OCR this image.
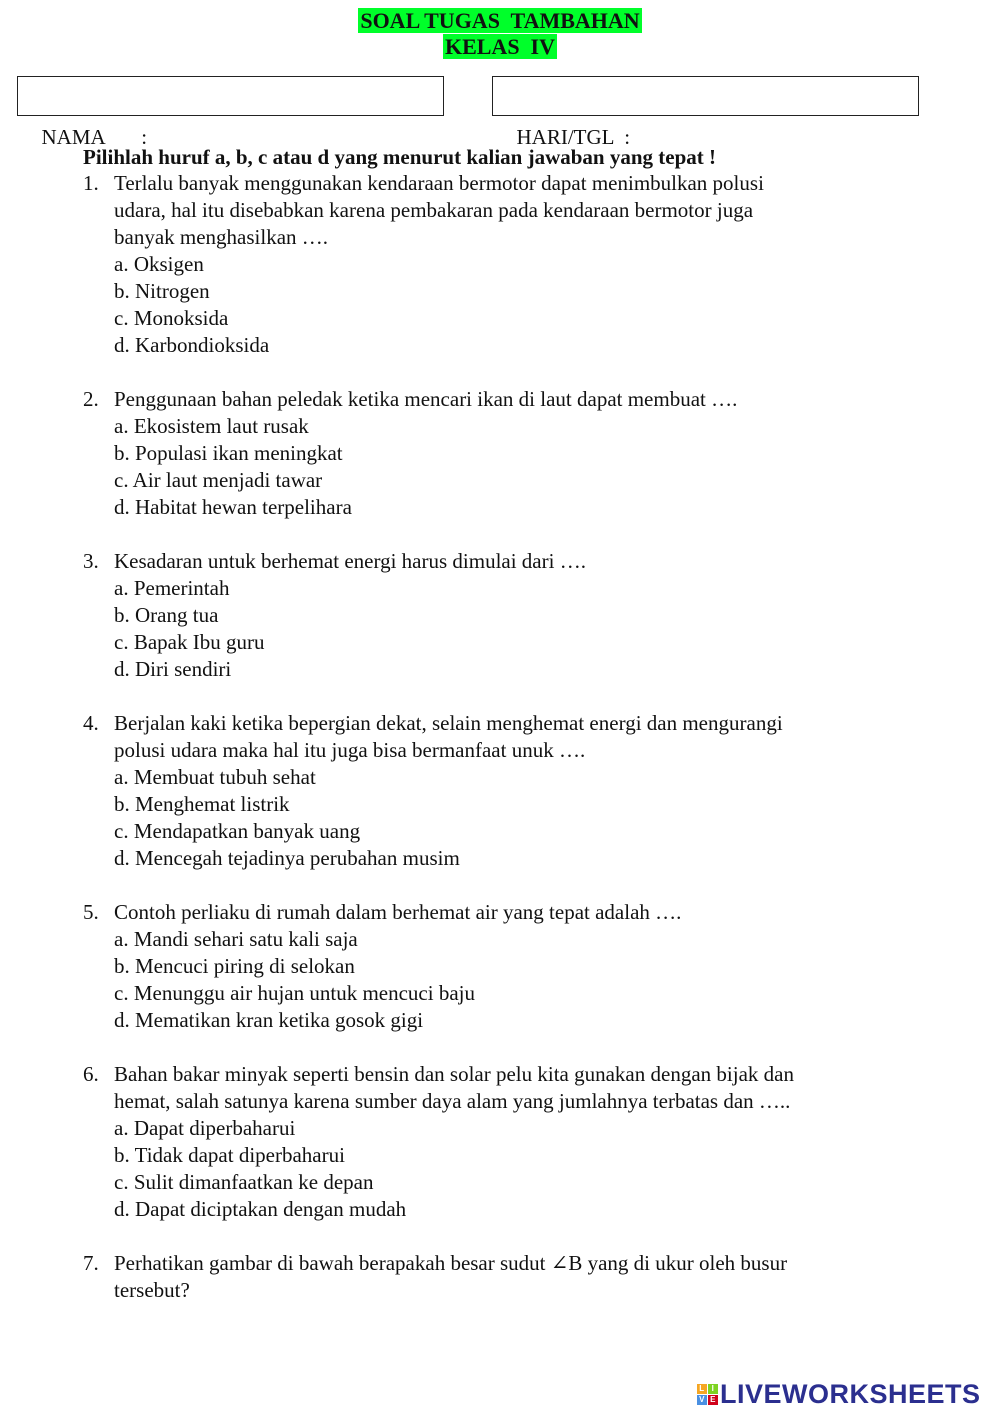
SOAL TUGAS  TAMBAHAN
KELAS  IV

NAMA       :	HARI/TGL  :

Pilihlah huruf a, b, c atau d yang menurut kalian jawaban yang tepat !
1. Terlalu banyak menggunakan kendaraan bermotor dapat menimbulkan polusi
udara, hal itu disebabkan karena pembakaran pada kendaraan bermotor juga
banyak menghasilkan ….
a. Oksigen
b. Nitrogen
c. Monoksida
d. Karbondioksida
2. Penggunaan bahan peledak ketika mencari ikan di laut dapat membuat ….
a. Ekosistem laut rusak
b. Populasi ikan meningkat
c. Air laut menjadi tawar
d. Habitat hewan terpelihara
3. Kesadaran untuk berhemat energi harus dimulai dari ….
a. Pemerintah
b. Orang tua
c. Bapak Ibu guru
d. Diri sendiri
4. Berjalan kaki ketika bepergian dekat, selain menghemat energi dan mengurangi
polusi udara maka hal itu juga bisa bermanfaat unuk ….
a. Membuat tubuh sehat
b. Menghemat listrik
c. Mendapatkan banyak uang
d. Mencegah tejadinya perubahan musim
5. Contoh perliaku di rumah dalam berhemat air yang tepat adalah ….
a. Mandi sehari satu kali saja
b. Mencuci piring di selokan
c. Menunggu air hujan untuk mencuci baju
d. Mematikan kran ketika gosok gigi
6. Bahan bakar minyak seperti bensin dan solar pelu kita gunakan dengan bijak dan
hemat, salah satunya karena sumber daya alam yang jumlahnya terbatas dan …..
a. Dapat diperbaharui
b. Tidak dapat diperbaharui
c. Sulit dimanfaatkan ke depan
d. Dapat diciptakan dengan mudah
7. Perhatikan gambar di bawah berapakah besar sudut ∠B yang di ukur oleh busur
tersebut?
L I
V E LIVEWORKSHEETS
